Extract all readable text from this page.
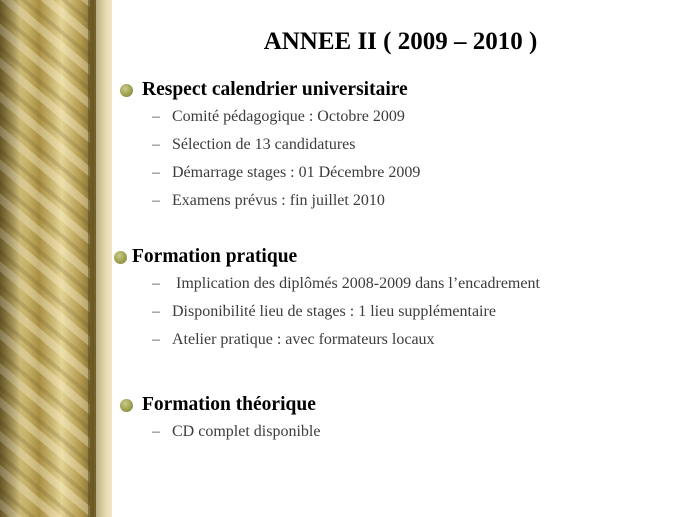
ANNEE II ( 2009 – 2010 )
Respect calendrier universitaire
– Comité pédagogique : Octobre 2009
– Sélection de 13 candidatures
– Démarrage stages : 01 Décembre 2009
– Examens prévus : fin juillet 2010
Formation pratique
– Implication des diplômés 2008-2009 dans l’encadrement
– Disponibilité lieu de stages : 1 lieu supplémentaire
– Atelier pratique : avec formateurs locaux
Formation théorique
– CD complet disponible
